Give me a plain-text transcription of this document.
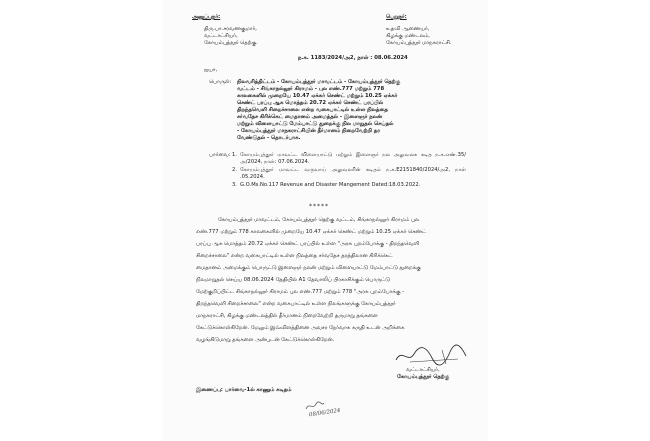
அனுப்புநர்:
திரு.பா.சரவணகுமார்,
வட்டாட்சியர்,
கோயம்புத்தூர் தெற்கு.
பெறுநர்:
உதவி ஆணையர்,
கிழக்கு மண்டலம்,
கோயம்புத்தூர் மாநகராட்சி.
ந.க. 1183/2024/அ2, நாள் : 08.06.2024
ஐயா,
பொருள்: நிலவரித்திட்டம் - கோயம்புத்தூர் மாவட்டம் - கோயம்புத்தூர் தெற்கு
வட்டம் - சிங்காநல்லூர் கிராமம் - புல எண்.777 மற்றும் 778
காலகைளில் முறையே 10.47 ஏக்கர் செண்ட் மற்றும் 10.25 ஏக்கர்
செண்ட் பரப்பு ஆக மொத்தம் 20.72 ஏக்கர் செண்ட் பரப்பில்
திறந்தவெளி சிறைச்சாலை என்ற வகைபாட்டில் உள்ள நிலத்தை
சர்வதேச கிரிக்கெட் மைதானம் அமைத்தல் - இளைஞர் நலன்
மற்றும் விளையாட்டு மேம்பாட்டு துறைக்கு நில மாறுதல் செய்தல்
- கோயம்புத்தூர் மாநகராட்சியின் தீர்மானம் நிறைவேற்றி தர
வேண்டுதல் - தொடர்பாக.
பார்வை: 1. கோயம்புத்தூர் மாவட்ட விளையாட்டு மற்றும் இளைஞர் நல அலுவலக கடித ந.க.எண்.35/அ/2024, நாள்: 07.06.2024.
2. கோயம்புத்தூர் மாவட்ட வருவாய் அலுவலரின் கடிதம் ந.க.E2151840/2024/அ2, நாள் .05.2024.
3. G.O.Ms.No.117 Revenue and Disaster Mangement Dated:18.03.2022.
*****
கோயம்புத்தூர் மாவட்டம், கோயம்புத்தூர் தெற்கு வட்டம், சிங்காநல்லூர் கிராமம் புல
எண்.777 மற்றும் 778 காலகைளில் முறையே 10.47 ஏக்கர் செண்ட் மற்றும் 10.25 ஏக்கர் செண்ட்
பரப்பு ஆக மொத்தம் 20.72 ஏக்கர் செண்ட் பரப்பில் உள்ள "அரசு புறம்போக்கு - திறந்தவெளி
சிறைச்சாலை" என்ற வகைபாட்டில் உள்ள நிலத்தை சர்வதேச தரத்திலான கிரிக்கெட்
மைதானம் அமைக்கும் பொருட்டு இளைஞர் நலன் மற்றும் விளையாட்டு மேம்பாட்டு துறைக்கு
நிலமாறுதல் செய்ய 08.06.2024 தேதியில் A1 தேவாலிப் பிரகாசிக்கும் பொருட்டு
மேற்குறிப்பிட்ட சிங்காநல்லூர் கிராமம் புல எண்.777 மற்றும் 778 "அரசு புறம்போக்கு -
திறந்தவெளி சிறைச்சாலை" என்ற வகைபாட்டில் உள்ள நிலங்களுக்கு கோயம்புத்தூர்
மாநகராட்சி, கிழக்கு மண்டலத்தில் தீர்மானம் நிறைவேற்றி தருமாறு தங்களை
கேட்டுக்கொள்கிறேன். மேலும் இவ்விளத்தினை அவசர நேர்வாக கருதி உடன் அறிக்கை
வழங்கிடுமாறு தங்களை அன்புடன் கேட்டுக்கொள்கிறேன்.
வட்டாட்சியர்,
கோயம்புத்தூர் தெற்கு
இணைப்பு: பார்வை-1ல் காணும் கடிதம்
08/06/2024
